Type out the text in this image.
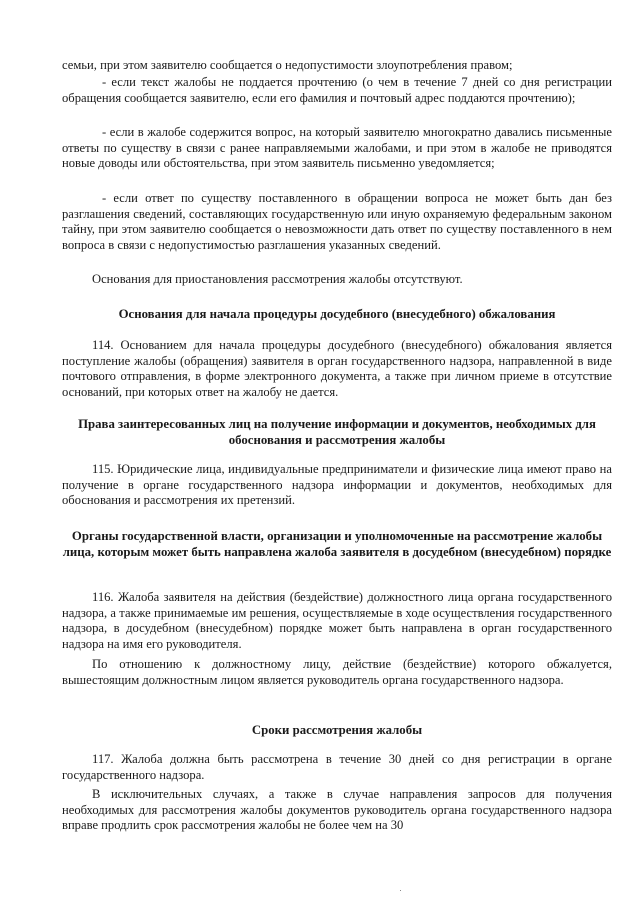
семьи, при этом заявителю сообщается о недопустимости злоупотребления правом;

- если текст жалобы не поддается прочтению (о чем в течение 7 дней со дня регистрации обращения сообщается заявителю, если его фамилия и почтовый адрес поддаются прочтению);

- если в жалобе содержится вопрос, на который заявителю многократно давались письменные ответы по существу в связи с ранее направляемыми жалобами, и при этом в жалобе не приводятся новые доводы или обстоятельства, при этом заявитель письменно уведомляется;

- если ответ по существу поставленного в обращении вопроса не может быть дан без разглашения сведений, составляющих государственную или иную охраняемую федеральным законом тайну, при этом заявителю сообщается о невозможности дать ответ по существу поставленного в нем вопроса в связи с недопустимостью разглашения указанных сведений.

Основания для приостановления рассмотрения жалобы отсутствуют.

Основания для начала процедуры досудебного (внесудебного) обжалования

114. Основанием для начала процедуры досудебного (внесудебного) обжалования является поступление жалобы (обращения) заявителя в орган государственного надзора, направленной в виде почтового отправления, в форме электронного документа, а также при личном приеме в отсутствие оснований, при которых ответ на жалобу не дается.

Права заинтересованных лиц на получение информации и документов, необходимых для обоснования и рассмотрения жалобы

115. Юридические лица, индивидуальные предприниматели и физические лица имеют право на получение в органе государственного надзора информации и документов, необходимых для обоснования и рассмотрения их претензий.

Органы государственной власти, организации и уполномоченные на рассмотрение жалобы лица, которым может быть направлена жалоба заявителя в досудебном (внесудебном) порядке

116. Жалоба заявителя на действия (бездействие) должностного лица органа государственного надзора, а также принимаемые им решения, осуществляемые в ходе осуществления государственного надзора, в досудебном (внесудебном) порядке может быть направлена в орган государственного надзора на имя его руководителя.

По отношению к должностному лицу, действие (бездействие) которого обжалуется, вышестоящим должностным лицом является руководитель органа государственного надзора.

Сроки рассмотрения жалобы

117. Жалоба должна быть рассмотрена в течение 30 дней со дня регистрации в органе государственного надзора.

В исключительных случаях, а также в случае направления запросов для получения необходимых для рассмотрения жалобы документов руководитель органа государственного надзора вправе продлить срок рассмотрения жалобы не более чем на 30
